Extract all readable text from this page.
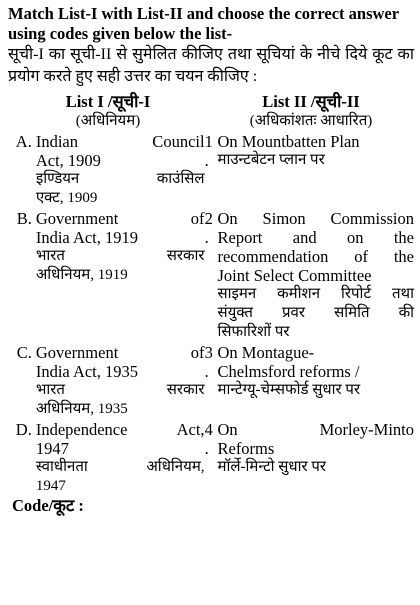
Match List-I with List-II and choose the correct answer using codes given below the list-

सूची-I का सूची-II से सुमेलित कीजिए तथा सूचियां के नीचे दिये कूट का प्रयोग करते हुए सही उत्तर का चयन कीजिए :

List I /सूची-I
(अधिनियम)
List II /सूची-II
(अधिकांशतः आधारित)
A. Indian Council
Act, 1909
इण्डियन काउंसिल
एक्ट, 1909
1
.
On Mountbatten Plan
माउन्टबेटन प्लान पर
B. Government of
India Act, 1919
भारत सरकार
अधिनियम, 1919
2
.
On Simon Commission
Report and on the
recommendation of the
Joint Select Committee
साइमन कमीशन रिपोर्ट तथा
संयुक्त प्रवर समिति की
सिफारिशों पर
C. Government of
India Act, 1935
भारत सरकार
अधिनियम, 1935
3
.
On Montague-
Chelmsford reforms /
मान्टेग्यू-चेम्सफोर्ड सुधार पर
D. Independence Act,
1947
स्वाधीनता अधिनियम,
1947
4
.
On Morley-Minto
Reforms
मॉर्ले-मिन्टो सुधार पर
Code/कूट :
